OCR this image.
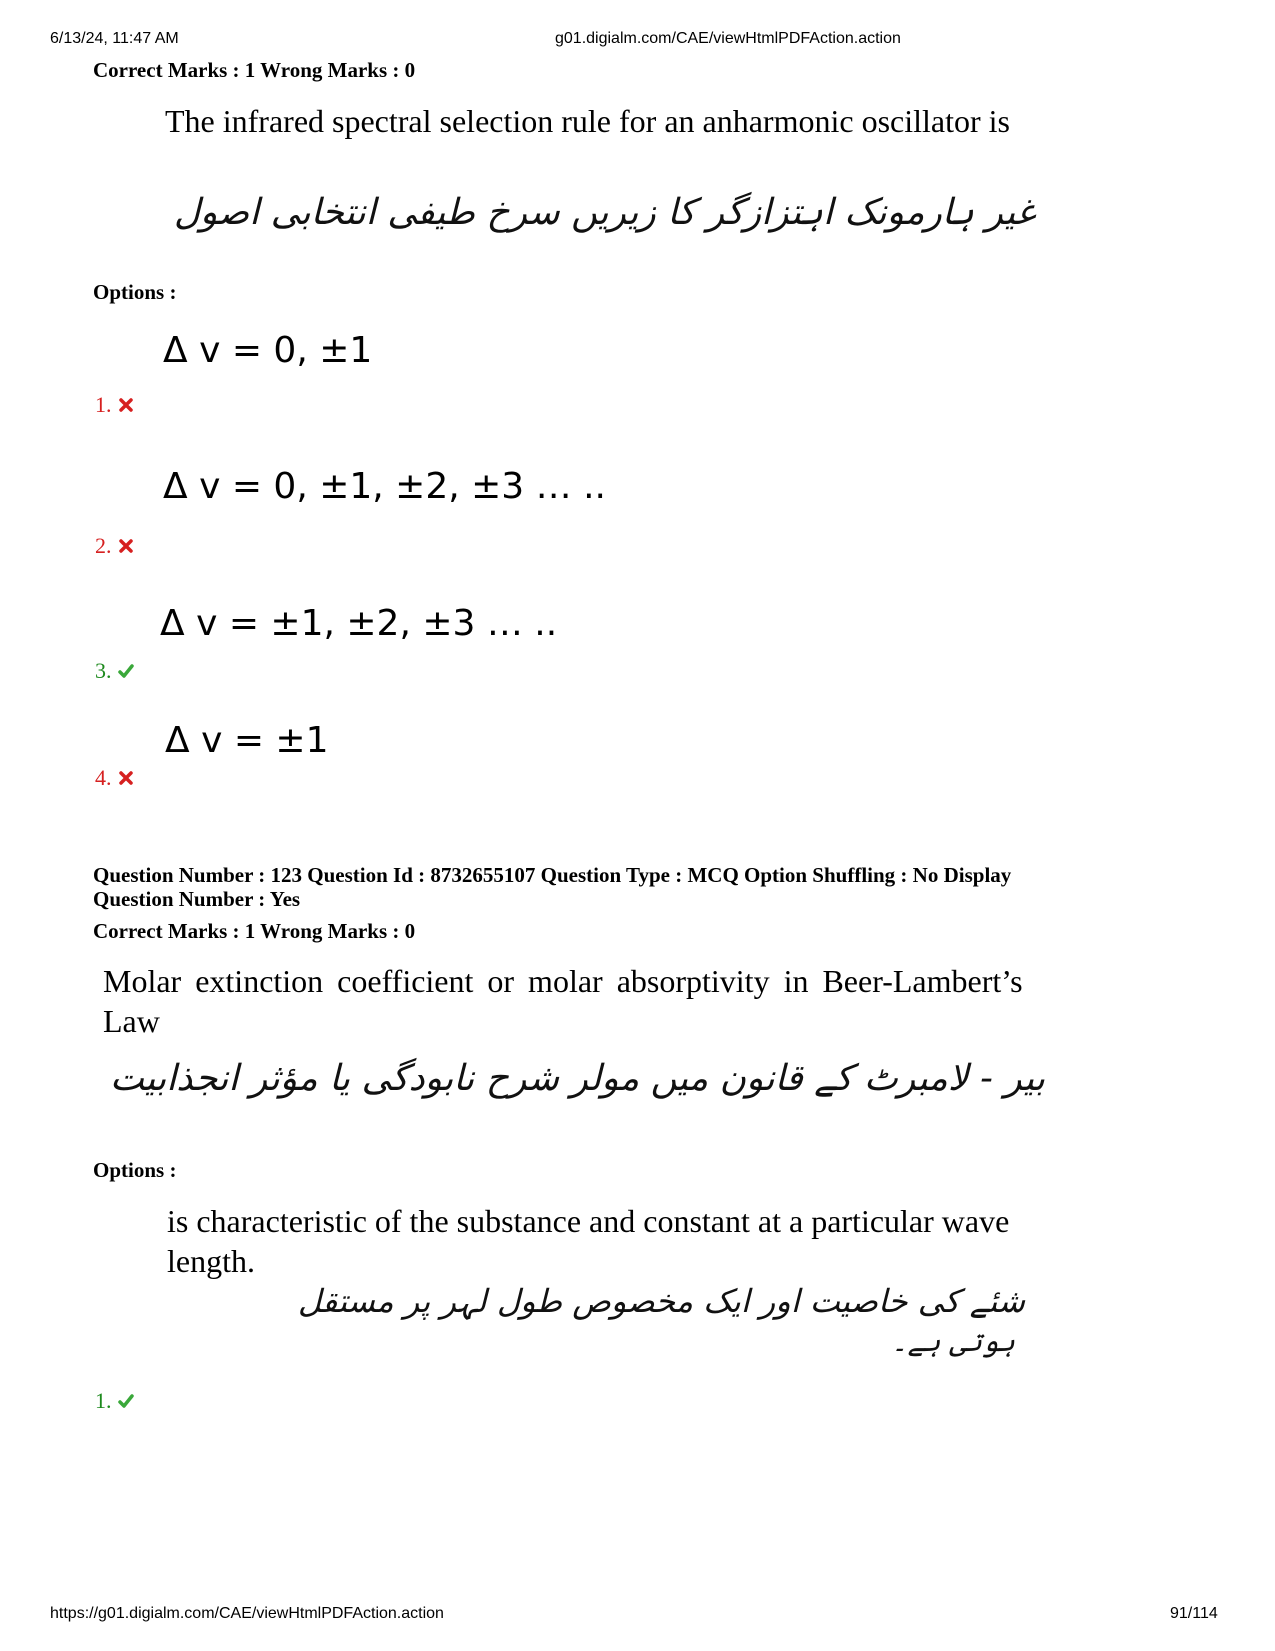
6/13/24, 11:47 AM	g01.digialm.com/CAE/viewHtmlPDFAction.action
Correct Marks : 1 Wrong Marks : 0
The infrared spectral selection rule for an anharmonic oscillator is
غیر ہارمونک اہتزازگر کا زیریں سرخ طیفی انتخابی اصول
Options :
Δ v = 0, ±1
1.
Δ v = 0, ±1, ±2, ±3 … ..
2.
Δ v = ±1, ±2, ±3 … ..
3.
Δ v = ±1
4.
Question Number : 123 Question Id : 8732655107 Question Type : MCQ Option Shuffling : No Display
Question Number : Yes
Correct Marks : 1 Wrong Marks : 0
Molar extinction coefficient or molar absorptivity in Beer-Lambert’s
Law
بیر - لامبرٹ کے قانون میں مولر شرح نابودگی یا مؤثر انجذابیت
Options :
is characteristic of the substance and constant at a particular wave
length.
شئے کی خاصیت اور ایک مخصوص طول لہر پر مستقل
ہوتی ہے۔
1.
https://g01.digialm.com/CAE/viewHtmlPDFAction.action	91/114
